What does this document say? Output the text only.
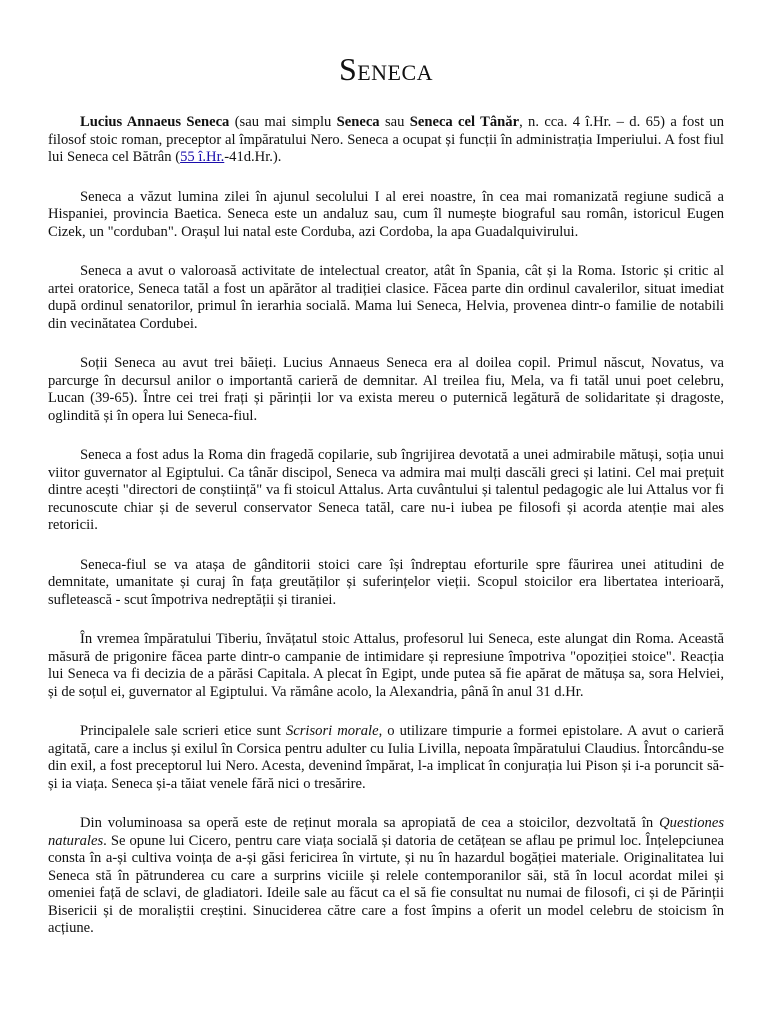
Seneca

Lucius Annaeus Seneca (sau mai simplu Seneca sau Seneca cel Tânăr, n. cca. 4 î.Hr. – d. 65) a fost un filosof stoic roman, preceptor al împăratului Nero. Seneca a ocupat și funcții în administrația Imperiului. A fost fiul lui Seneca cel Bătrân (55 î.Hr.-41d.Hr.).

Seneca a văzut lumina zilei în ajunul secolului I al erei noastre, în cea mai romanizată regiune sudică a Hispaniei, provincia Baetica. Seneca este un andaluz sau, cum îl numește biograful sau român, istoricul Eugen Cizek, un "corduban". Orașul lui natal este Corduba, azi Cordoba, la apa Guadalquivirului.

Seneca a avut o valoroasă activitate de intelectual creator, atât în Spania, cât și la Roma. Istoric și critic al artei oratorice, Seneca tatăl a fost un apărător al tradiției clasice. Făcea parte din ordinul cavalerilor, situat imediat după ordinul senatorilor, primul în ierarhia socială. Mama lui Seneca, Helvia, provenea dintr-o familie de notabili din vecinătatea Cordubei.

Soții Seneca au avut trei băieți. Lucius Annaeus Seneca era al doilea copil. Primul născut, Novatus, va parcurge în decursul anilor o importantă carieră de demnitar. Al treilea fiu, Mela, va fi tatăl unui poet celebru, Lucan (39-65). Între cei trei frați și părinții lor va exista mereu o puternică legătură de solidaritate și dragoste, oglindită și în opera lui Seneca-fiul.

Seneca a fost adus la Roma din fragedă copilarie, sub îngrijirea devotată a unei admirabile mătuși, soția unui viitor guvernator al Egiptului. Ca tânăr discipol, Seneca va admira mai mulți dascăli greci și latini. Cel mai prețuit dintre acești "directori de conștiință" va fi stoicul Attalus. Arta cuvântului și talentul pedagogic ale lui Attalus vor fi recunoscute chiar și de severul conservator Seneca tatăl, care nu-i iubea pe filosofi și acorda atenție mai ales retoricii.

Seneca-fiul se va atașa de gânditorii stoici care își îndreptau eforturile spre făurirea unei atitudini de demnitate, umanitate și curaj în fața greutăților și suferințelor vieții. Scopul stoicilor era libertatea interioară, sufletească - scut împotriva nedreptății și tiraniei.

În vremea împăratului Tiberiu, învățatul stoic Attalus, profesorul lui Seneca, este alungat din Roma. Această măsură de prigonire făcea parte dintr-o campanie de intimidare și represiune împotriva "opoziției stoice". Reacția lui Seneca va fi decizia de a părăsi Capitala. A plecat în Egipt, unde putea să fie apărat de mătușa sa, sora Helviei, și de soțul ei, guvernator al Egiptului. Va rămâne acolo, la Alexandria, până în anul 31 d.Hr.

Principalele sale scrieri etice sunt Scrisori morale, o utilizare timpurie a formei epistolare. A avut o carieră agitată, care a inclus și exilul în Corsica pentru adulter cu Iulia Livilla, nepoata împăratului Claudius. Întorcându-se din exil, a fost preceptorul lui Nero. Acesta, devenind împărat, l-a implicat în conjurația lui Pison și i-a poruncit să-și ia viața. Seneca și-a tăiat venele fără nici o tresărire.

Din voluminoasa sa operă este de reținut morala sa apropiată de cea a stoicilor, dezvoltată în Questiones naturales. Se opune lui Cicero, pentru care viața socială și datoria de cetățean se aflau pe primul loc. Înțelepciunea consta în a-și cultiva voința de a-și găsi fericirea în virtute, și nu în hazardul bogăției materiale. Originalitatea lui Seneca stă în pătrunderea cu care a surprins viciile și relele contemporanilor săi, stă în locul acordat milei și omeniei față de sclavi, de gladiatori. Ideile sale au făcut ca el să fie consultat nu numai de filosofi, ci și de Părinții Bisericii și de moraliștii creștini. Sinuciderea către care a fost împins a oferit un model celebru de stoicism în acțiune.
